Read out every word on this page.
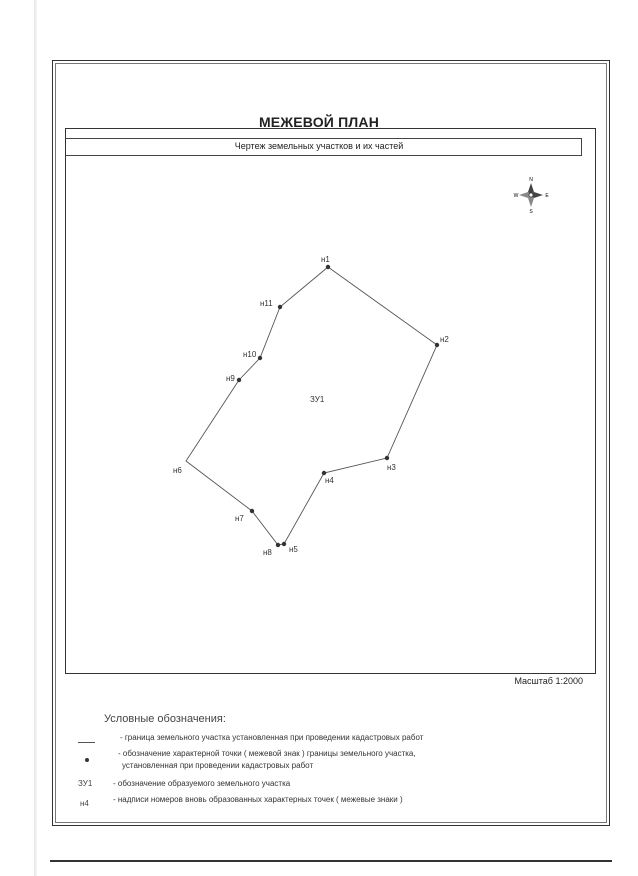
МЕЖЕВОЙ ПЛАН
Чертеж земельных участков и их частей
N
S
W	E
н1
н2
н3
н4
н5
н6
н7
н8
н9
н10
н11
ЗУ1
Масштаб 1:2000
Условные обозначения:
- граница земельного участка установленная при проведении кадастровых работ
- обозначение характерной точки ( межевой знак ) границы земельного участка,
установленная при проведении кадастровых работ
ЗУ1	- обозначение образуемого земельного участка
н4	- надписи номеров вновь образованных характерных точек ( межевые знаки )
